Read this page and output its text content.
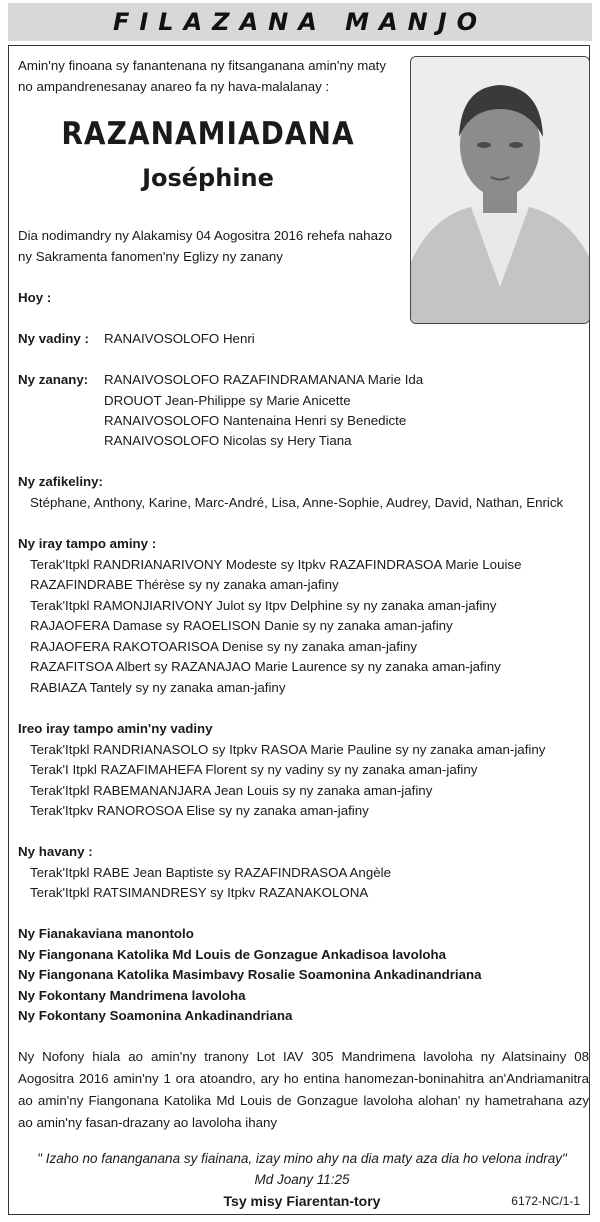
FILAZANA MANJO
Amin'ny finoana sy fanantenana ny fitsanganana amin'ny maty
no ampandrenesanay anareo fa ny hava-malalanay :
RAZANAMIADANA
Joséphine
Dia nodimandry ny Alakamisy 04 Aogositra 2016 rehefa nahazo
ny Sakramenta fanomen'ny Eglizy ny zanany
Hoy :
Ny vadiny : RANAIVOSOLOFO Henri
Ny zanany: RANAIVOSOLOFO RAZAFINDRAMANANA Marie Ida
DROUOT Jean-Philippe sy Marie Anicette
RANAIVOSOLOFO Nantenaina Henri sy Benedicte
RANAIVOSOLOFO Nicolas sy Hery Tiana
Ny zafikeliny:
Stéphane, Anthony, Karine, Marc-André, Lisa, Anne-Sophie, Audrey, David, Nathan, Enrick
Ny iray tampo aminy :
Terak'Itpkl RANDRIANARIVONY Modeste sy Itpkv RAZAFINDRASOA Marie Louise
RAZAFINDRABE Thérèse sy ny zanaka aman-jafiny
Terak'Itpkl RAMONJIARIVONY Julot sy Itpv Delphine sy ny zanaka aman-jafiny
RAJAOFERA Damase sy RAOELISON Danie sy ny zanaka aman-jafiny
RAJAOFERA RAKOTOARISOA Denise sy ny zanaka aman-jafiny
RAZAFITSOA Albert sy RAZANAJAO Marie Laurence sy ny zanaka aman-jafiny
RABIAZA Tantely sy ny zanaka aman-jafiny
Ireo iray tampo amin'ny vadiny
Terak'Itpkl RANDRIANASOLO sy Itpkv RASOA Marie Pauline sy ny zanaka aman-jafiny
Terak'I Itpkl RAZAFIMAHEFA Florent sy ny vadiny sy ny zanaka aman-jafiny
Terak'Itpkl RABEMANANJARA Jean Louis sy ny zanaka aman-jafiny
Terak'Itpkv RANOROSOA Elise sy ny zanaka aman-jafiny
Ny havany :
Terak'Itpkl RABE Jean Baptiste sy RAZAFINDRASOA Angèle
Terak'Itpkl RATSIMANDRESY sy Itpkv RAZANAKOLONA
Ny Fianakaviana manontolo
Ny Fiangonana Katolika Md Louis de Gonzague Ankadisoa lavoloha
Ny Fiangonana Katolika Masimbavy Rosalie Soamonina Ankadinandriana
Ny Fokontany Mandrimena lavoloha
Ny Fokontany Soamonina Ankadinandriana
Ny Nofony hiala ao amin'ny tranony Lot IAV 305 Mandrimena lavoloha ny Alatsinainy 08 Aogositra 2016 amin'ny 1 ora atoandro, ary ho entina hanomezan-boninahitra an'Andriamanitra ao amin'ny Fiangonana Katolika Md Louis de Gonzague lavoloha alohan' ny hametrahana azy ao amin'ny fasan-drazany ao lavoloha ihany
" Izaho no fananganana sy fiainana, izay mino ahy na dia maty aza dia ho velona indray"
Md Joany 11:25
Tsy misy Fiarentan-tory	6172-NC/1-1
